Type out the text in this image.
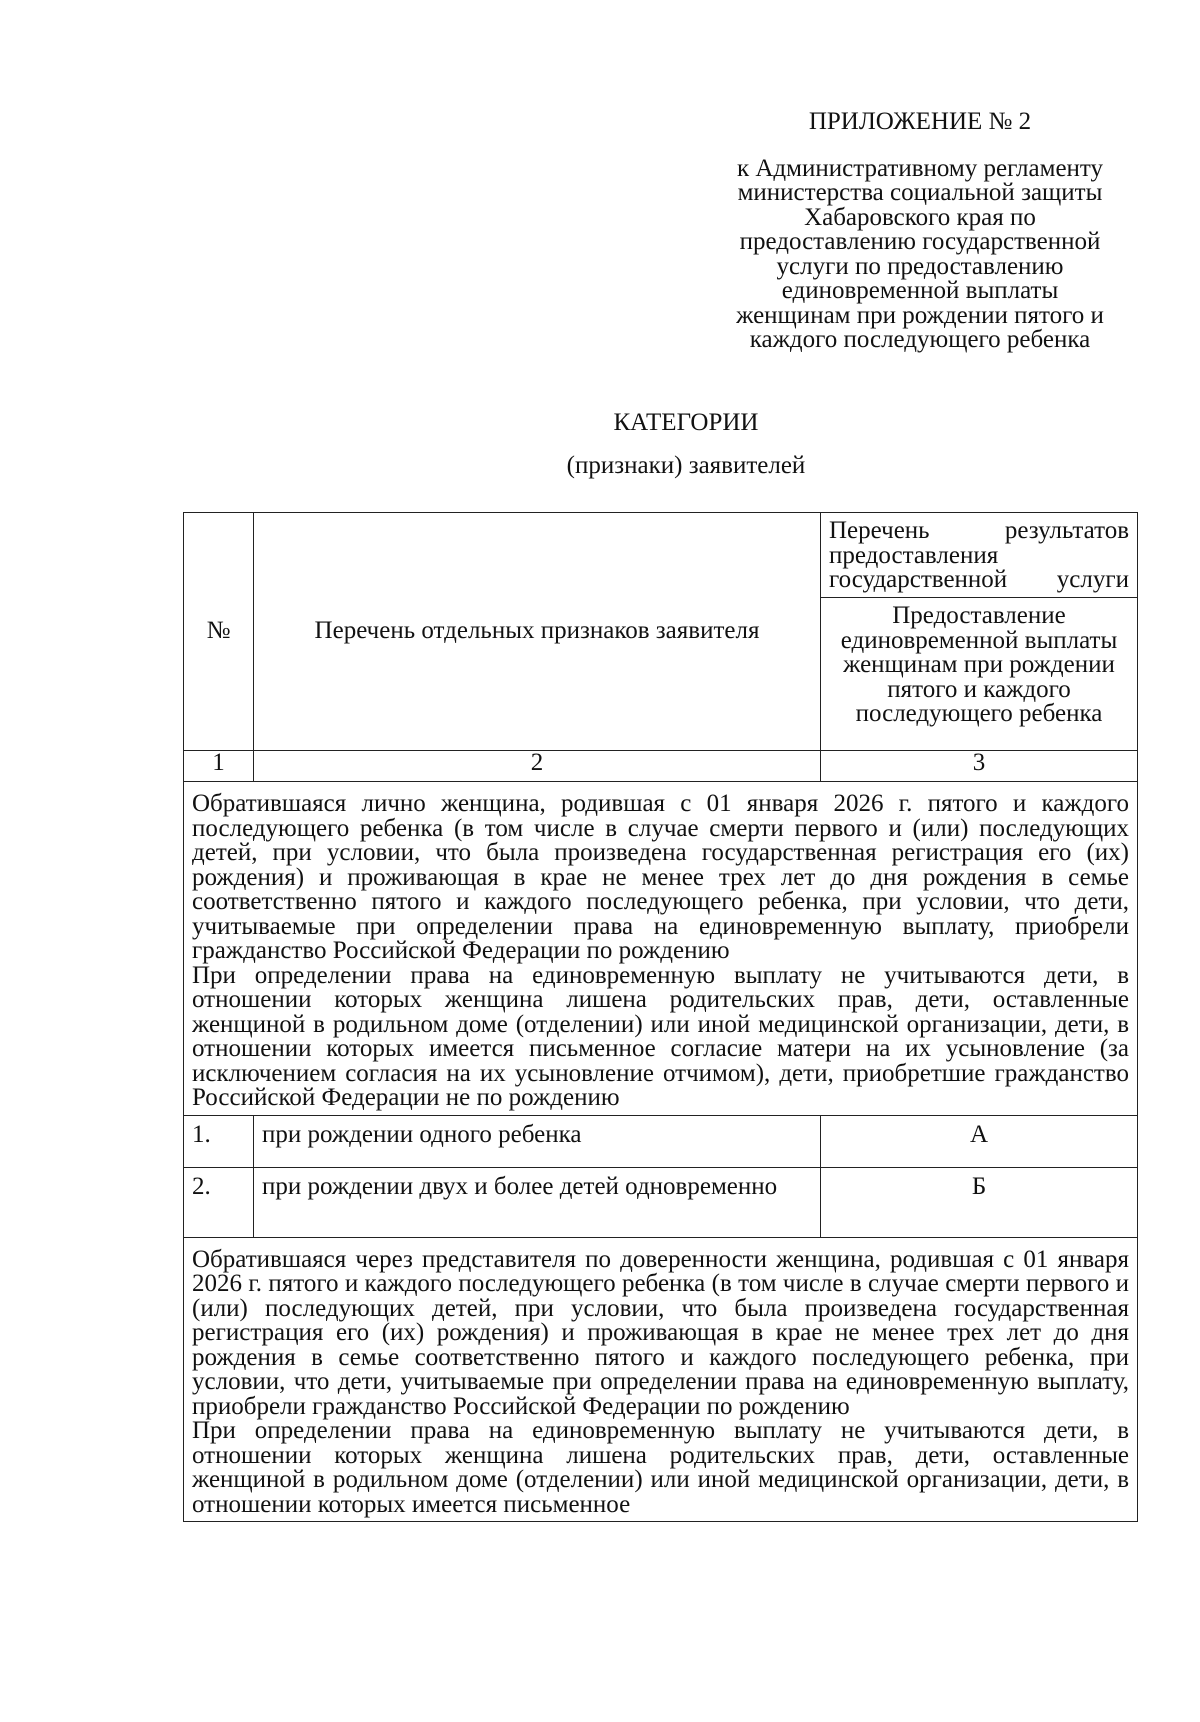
ПРИЛОЖЕНИЕ № 2
к Административному регламенту
министерства социальной защиты
Хабаровского края по
предоставлению государственной
услуги по предоставлению
единовременной выплаты
женщинам при рождении пятого и
каждого последующего ребенка
КАТЕГОРИИ
(признаки) заявителей
№	Перечень отдельных признаков заявителя	Перечень результатов предоставления государственной услуги
		Предоставление единовременной выплаты женщинам при рождении пятого и каждого последующего ребенка
1	2	3

Обратившаяся лично женщина, родившая с 01 января 2026 г. пятого и каждого последующего ребенка (в том числе в случае смерти первого и (или) последующих детей, при условии, что была произведена государственная регистрация его (их) рождения) и проживающая в крае не менее трех лет до дня рождения в семье соответственно пятого и каждого последующего ребенка, при условии, что дети, учитываемые при определении права на единовременную выплату, приобрели гражданство Российской Федерации по рождению

При определении права на единовременную выплату не учитываются дети, в отношении которых женщина лишена родительских прав, дети, оставленные женщиной в родильном доме (отделении) или иной медицинской организации, дети, в отношении которых имеется письменное согласие матери на их усыновление (за исключением согласия на их усыновление отчимом), дети, приобретшие гражданство Российской Федерации не по рождению		

1.	при рождении одного ребенка	А
2.	при рождении двух и более детей одновременно	Б

Обратившаяся через представителя по доверенности женщина, родившая с 01 января 2026 г. пятого и каждого последующего ребенка (в том числе в случае смерти первого и (или) последующих детей, при условии, что была произведена государственная регистрация его (их) рождения) и проживающая в крае не менее трех лет до дня рождения в семье соответственно пятого и каждого последующего ребенка, при условии, что дети, учитываемые при определении права на единовременную выплату, приобрели гражданство Российской Федерации по рождению

При определении права на единовременную выплату не учитываются дети, в отношении которых женщина лишена родительских прав, дети, оставленные женщиной в родильном доме (отделении) или иной медицинской организации, дети, в отношении которых имеется письменное		
